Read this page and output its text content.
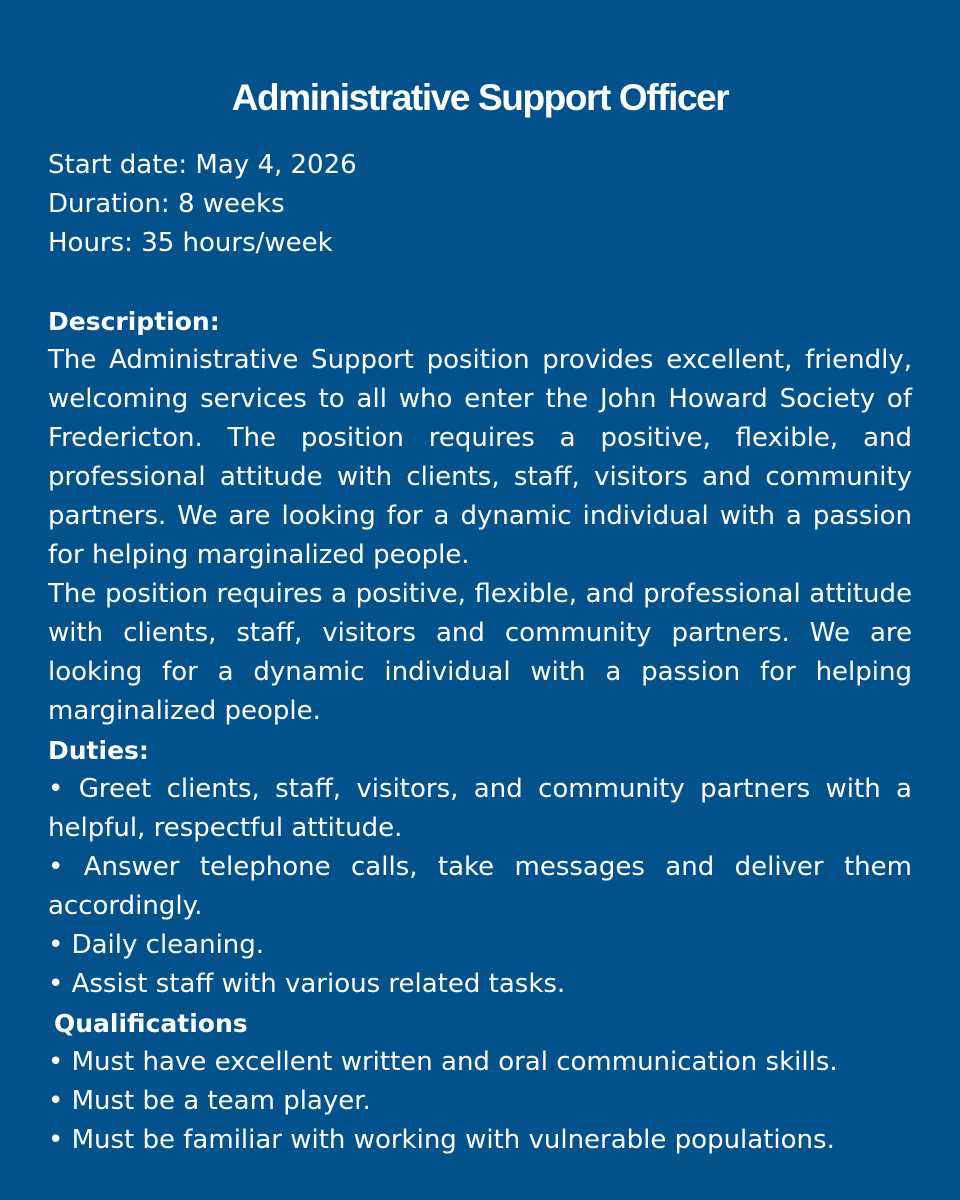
Administrative Support Officer
Start date: May 4, 2026
Duration: 8 weeks
Hours: 35 hours/week
Description:
The Administrative Support position provides excellent, friendly, welcoming services to all who enter the John Howard Society of Fredericton. The position requires a positive, flexible, and professional attitude with clients, staff, visitors and community partners. We are looking for a dynamic individual with a passion for helping marginalized people.
The position requires a positive, flexible, and professional attitude with clients, staff, visitors and community partners. We are looking for a dynamic individual with a passion for helping marginalized people.
Duties:
• Greet clients, staff, visitors, and community partners with a helpful, respectful attitude.
• Answer telephone calls, take messages and deliver them accordingly.
• Daily cleaning.
• Assist staff with various related tasks.
Qualifications
• Must have excellent written and oral communication skills.
• Must be a team player.
• Must be familiar with working with vulnerable populations.
